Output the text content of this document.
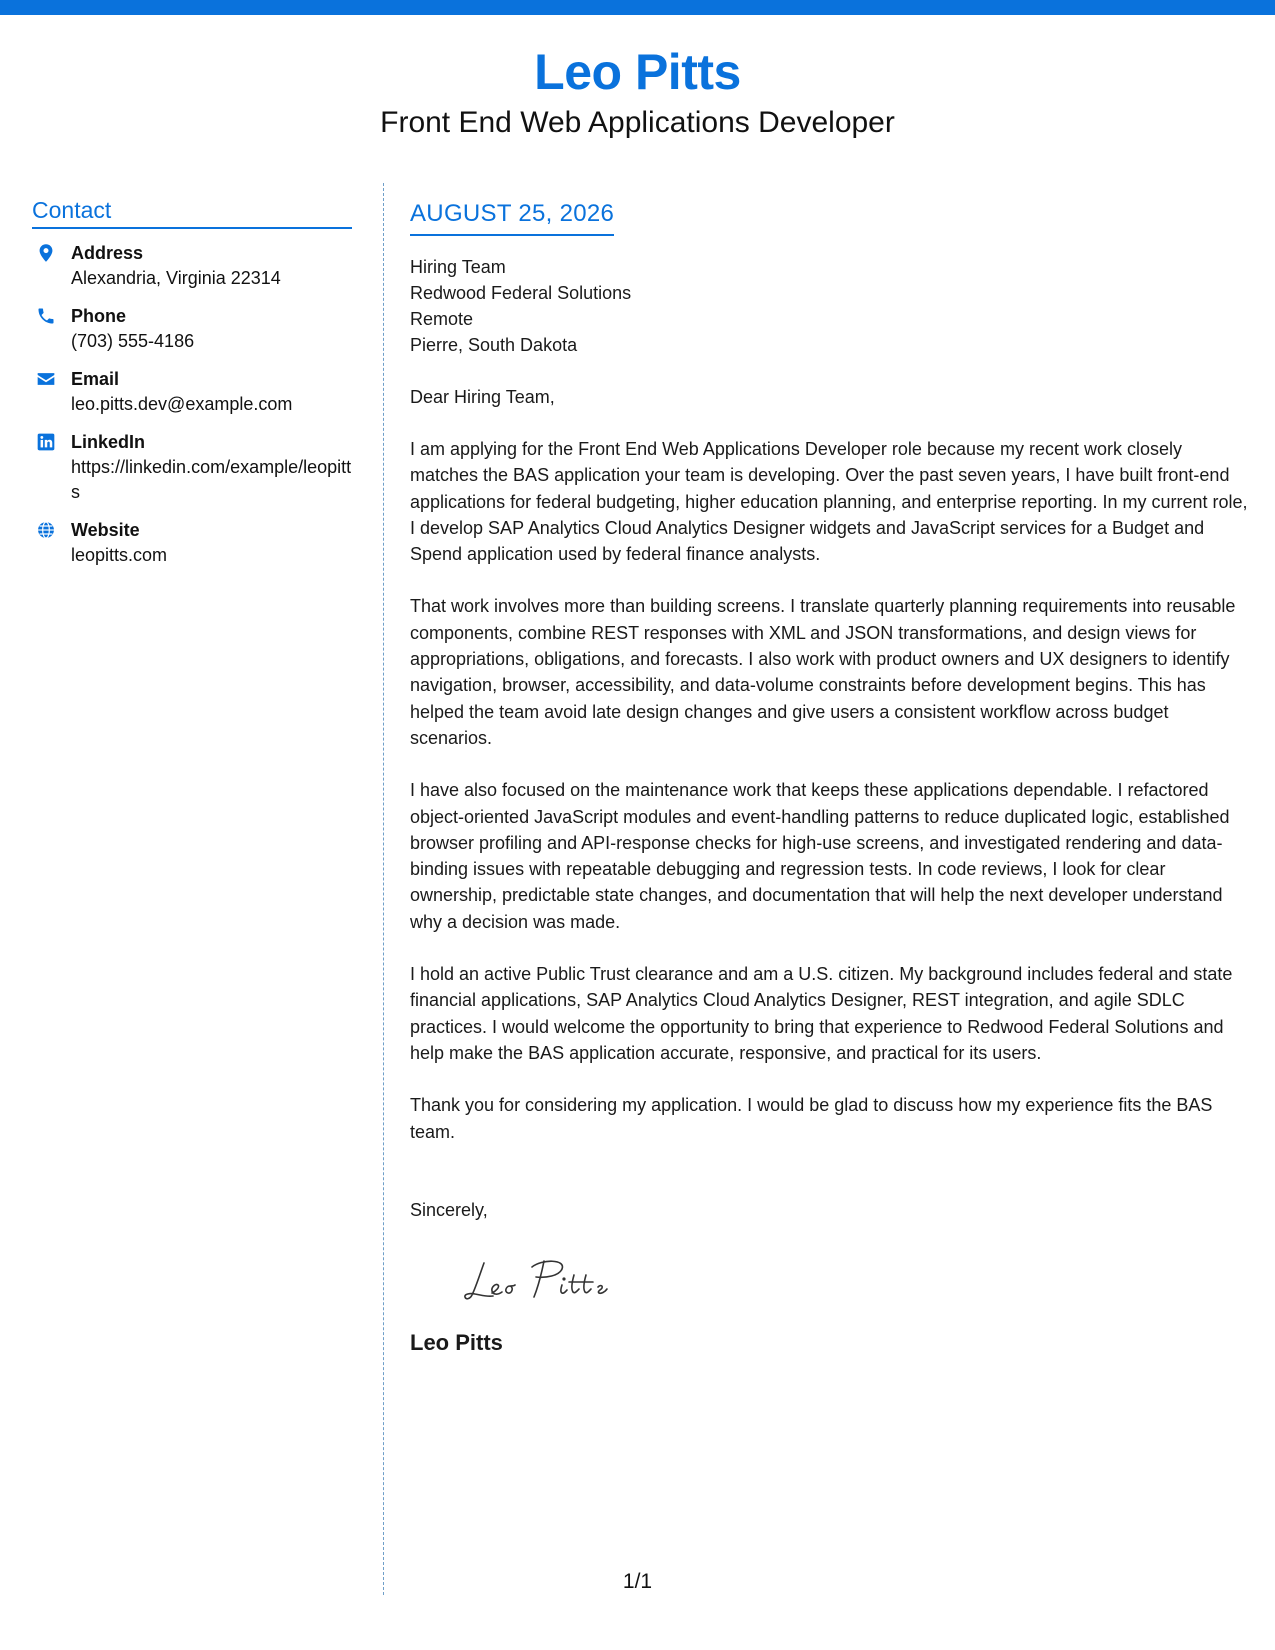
Leo Pitts
Front End Web Applications Developer
Contact
Address
Alexandria, Virginia 22314
Phone
(703) 555-4186
Email
leo.pitts.dev@example.com
LinkedIn
https://linkedin.com/example/leopitts
Website
leopitts.com
AUGUST 25, 2026
Hiring Team
Redwood Federal Solutions
Remote
Pierre, South Dakota
Dear Hiring Team,
I am applying for the Front End Web Applications Developer role because my recent work closely matches the BAS application your team is developing. Over the past seven years, I have built front-end applications for federal budgeting, higher education planning, and enterprise reporting. In my current role, I develop SAP Analytics Cloud Analytics Designer widgets and JavaScript services for a Budget and Spend application used by federal finance analysts.
That work involves more than building screens. I translate quarterly planning requirements into reusable components, combine REST responses with XML and JSON transformations, and design views for appropriations, obligations, and forecasts. I also work with product owners and UX designers to identify navigation, browser, accessibility, and data-volume constraints before development begins. This has helped the team avoid late design changes and give users a consistent workflow across budget scenarios.
I have also focused on the maintenance work that keeps these applications dependable. I refactored object-oriented JavaScript modules and event-handling patterns to reduce duplicated logic, established browser profiling and API-response checks for high-use screens, and investigated rendering and data-binding issues with repeatable debugging and regression tests. In code reviews, I look for clear ownership, predictable state changes, and documentation that will help the next developer understand why a decision was made.
I hold an active Public Trust clearance and am a U.S. citizen. My background includes federal and state financial applications, SAP Analytics Cloud Analytics Designer, REST integration, and agile SDLC practices. I would welcome the opportunity to bring that experience to Redwood Federal Solutions and help make the BAS application accurate, responsive, and practical for its users.
Thank you for considering my application. I would be glad to discuss how my experience fits the BAS team.
Sincerely,
Leo Pitts
1/1
